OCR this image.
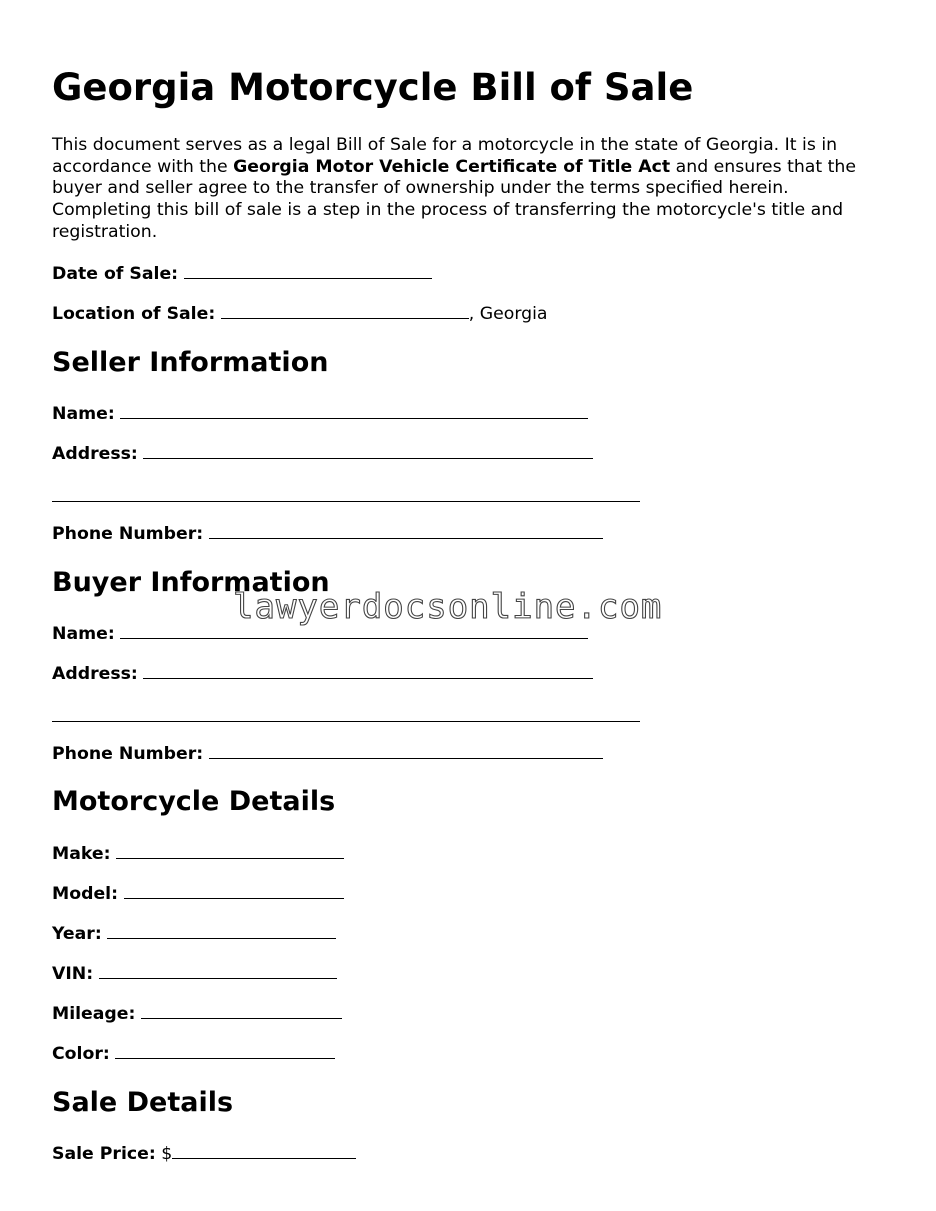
Georgia Motorcycle Bill of Sale

This document serves as a legal Bill of Sale for a motorcycle in the state of Georgia. It is in accordance with the Georgia Motor Vehicle Certificate of Title Act and ensures that the buyer and seller agree to the transfer of ownership under the terms specified herein. Completing this bill of sale is a step in the process of transferring the motorcycle's title and registration.

Date of Sale:
Location of Sale:	, Georgia
Seller Information
Name:
Address:
Phone Number:
Buyer Information
Name:
Address:
Phone Number:
Motorcycle Details
Make:
Model:
Year:
VIN:
Mileage:
Color:
Sale Details
Sale Price: $
lawyerdocsonline.com
